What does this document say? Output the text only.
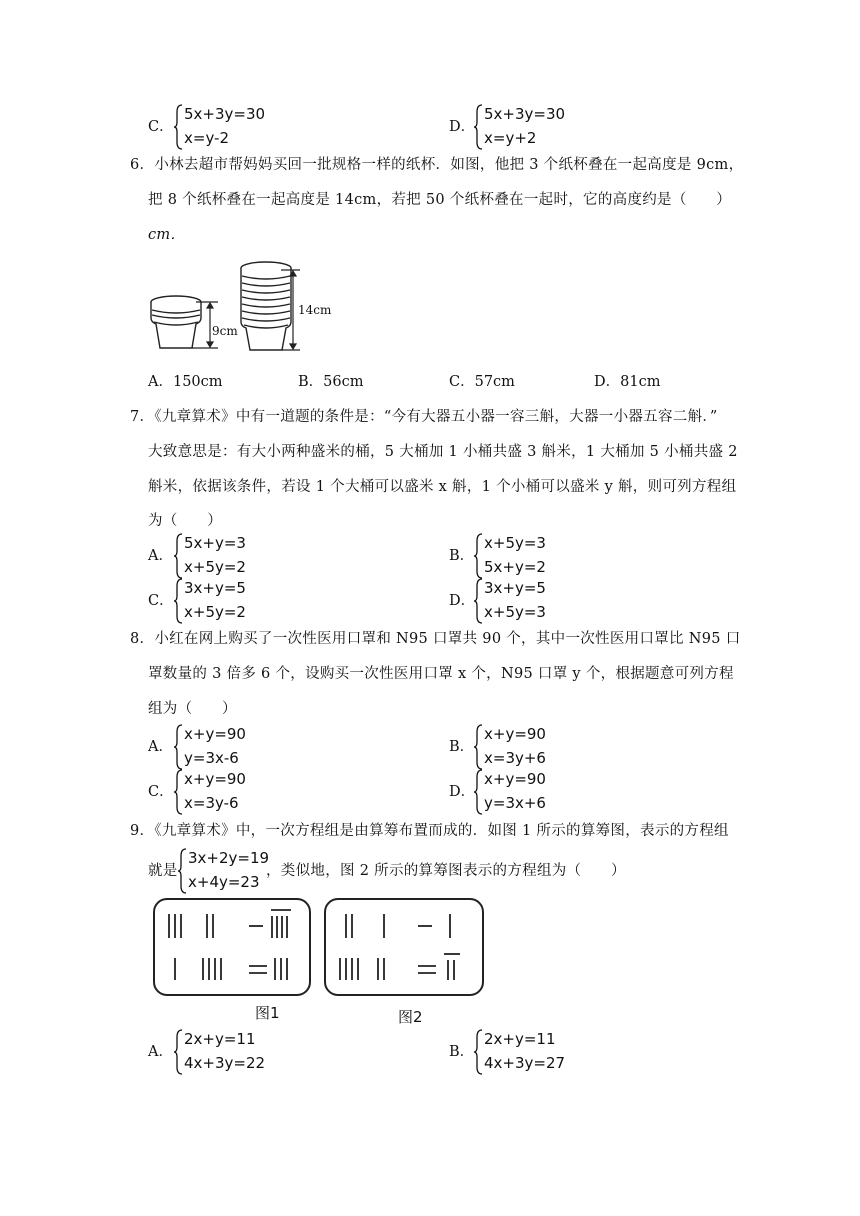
C．
5x+3y=30
x=y-2
D．
5x+3y=30
x=y+2
6．小林去超市帮妈妈买回一批规格一样的纸杯．如图，他把 3 个纸杯叠在一起高度是 9cm，
把 8 个纸杯叠在一起高度是 14cm，若把 50 个纸杯叠在一起时，它的高度约是（　　）
cm．
9cm
14cm
A．150cm	B．56cm	C．57cm	D．81cm
7．《九章算术》中有一道题的条件是：“今有大器五小器一容三斛，大器一小器五容二斛．”
大致意思是：有大小两种盛米的桶，5 大桶加 1 小桶共盛 3 斛米，1 大桶加 5 小桶共盛 2
斛米，依据该条件，若设 1 个大桶可以盛米 x 斛，1 个小桶可以盛米 y 斛，则可列方程组
为（　　）
A．
5x+y=3
x+5y=2
B．
x+5y=3
5x+y=2
C．
3x+y=5
x+5y=2
D．
3x+y=5
x+5y=3
8．小红在网上购买了一次性医用口罩和 N95 口罩共 90 个，其中一次性医用口罩比 N95 口
罩数量的 3 倍多 6 个，设购买一次性医用口罩 x 个，N95 口罩 y 个，根据题意可列方程
组为（　　）
A．
x+y=90
y=3x-6
B．
x+y=90
x=3y+6
C．
x+y=90
x=3y-6
D．
x+y=90
y=3x+6
9．《九章算术》中，一次方程组是由算筹布置而成的．如图 1 所示的算筹图，表示的方程组
就是
3x+2y=19
x+4y=23
，类似地，图 2 所示的算筹图表示的方程组为（　　）
图1	图2
A．
2x+y=11
4x+3y=22
B．
2x+y=11
4x+3y=27
